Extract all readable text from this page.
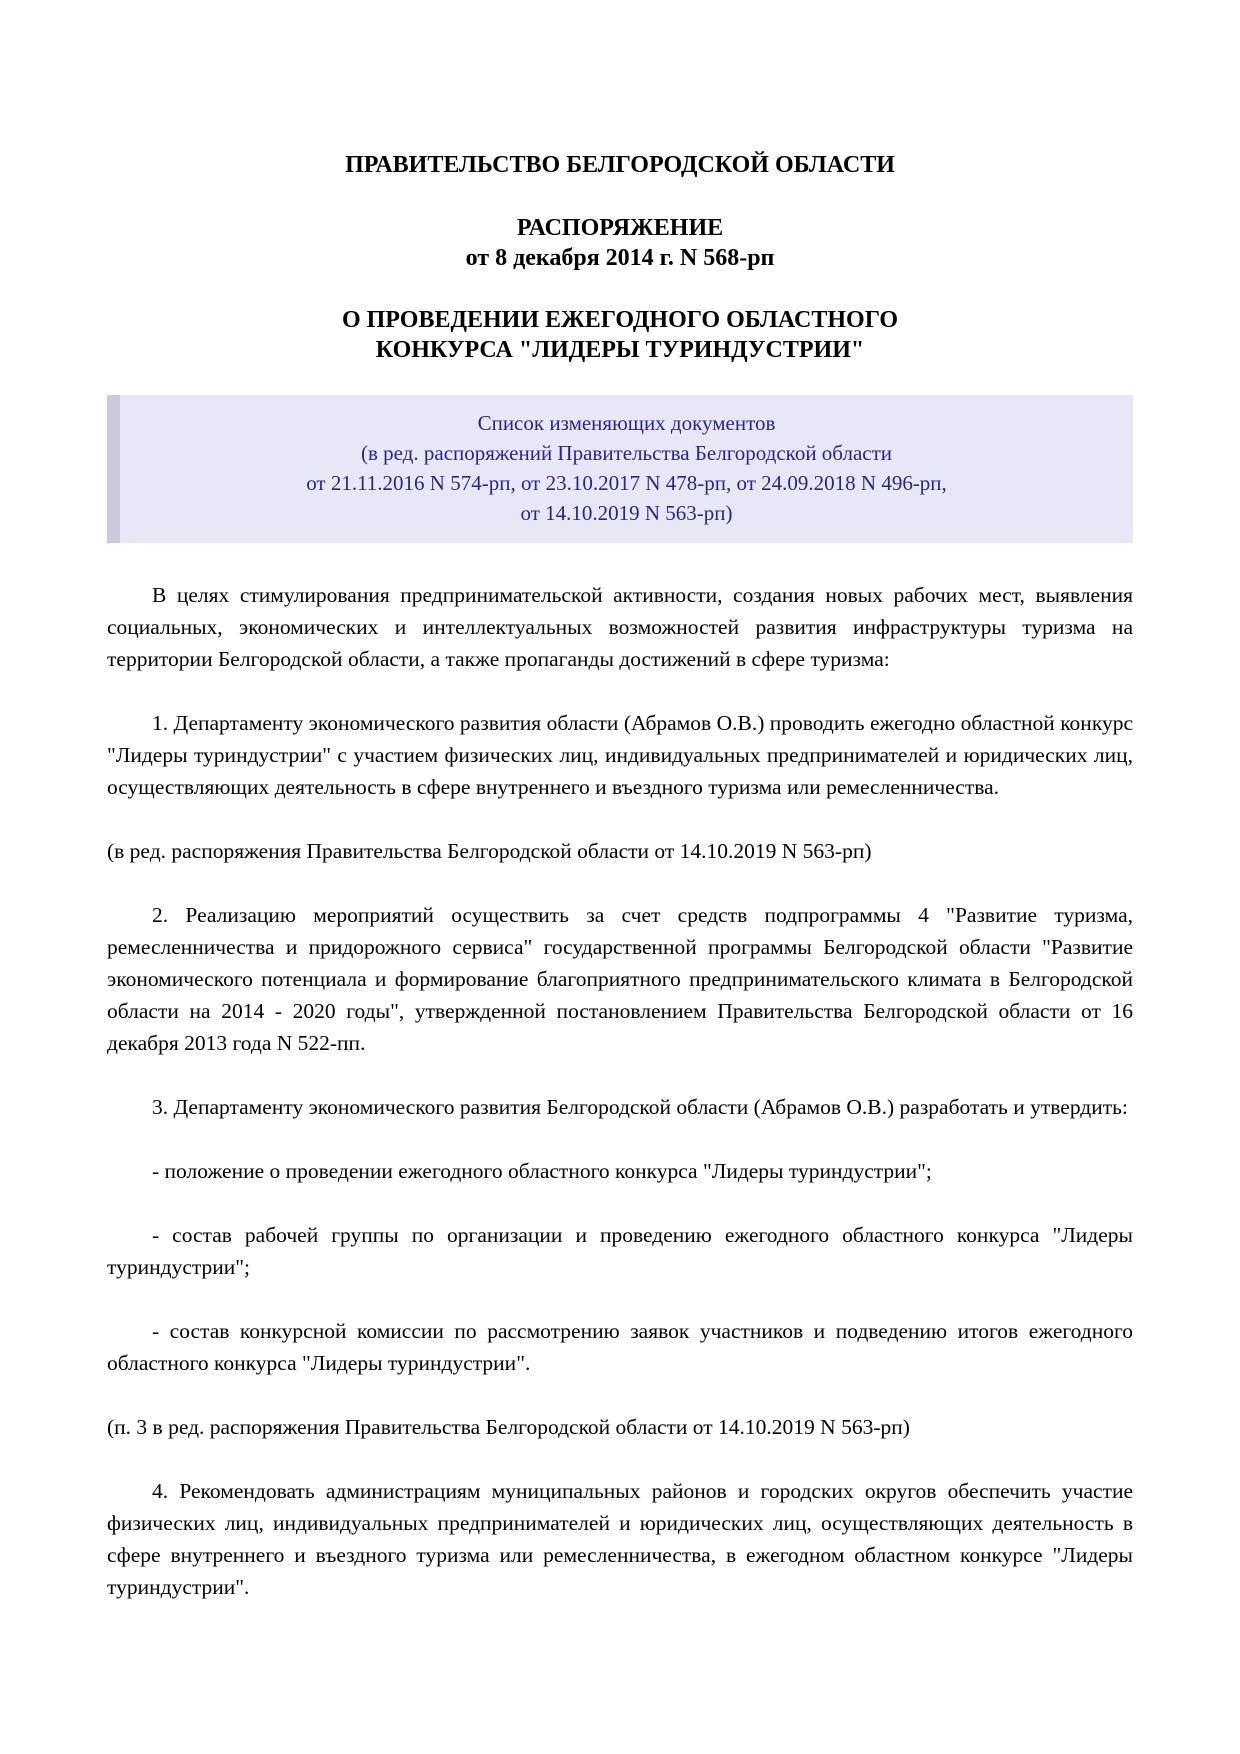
ПРАВИТЕЛЬСТВО БЕЛГОРОДСКОЙ ОБЛАСТИ
РАСПОРЯЖЕНИЕ
от 8 декабря 2014 г. N 568-рп
О ПРОВЕДЕНИИ ЕЖЕГОДНОГО ОБЛАСТНОГО
КОНКУРСА "ЛИДЕРЫ ТУРИНДУСТРИИ"
Список изменяющих документов
(в ред. распоряжений Правительства Белгородской области
от 21.11.2016 N 574-рп, от 23.10.2017 N 478-рп, от 24.09.2018 N 496-рп,
от 14.10.2019 N 563-рп)

В целях стимулирования предпринимательской активности, создания новых рабочих мест, выявления социальных, экономических и интеллектуальных возможностей развития инфраструктуры туризма на территории Белгородской области, а также пропаганды достижений в сфере туризма:

1. Департаменту экономического развития области (Абрамов О.В.) проводить ежегодно областной конкурс "Лидеры туриндустрии" с участием физических лиц, индивидуальных предпринимателей и юридических лиц, осуществляющих деятельность в сфере внутреннего и въездного туризма или ремесленничества.

(в ред. распоряжения Правительства Белгородской области от 14.10.2019 N 563-рп)

2. Реализацию мероприятий осуществить за счет средств подпрограммы 4 "Развитие туризма, ремесленничества и придорожного сервиса" государственной программы Белгородской области "Развитие экономического потенциала и формирование благоприятного предпринимательского климата в Белгородской области на 2014 - 2020 годы", утвержденной постановлением Правительства Белгородской области от 16 декабря 2013 года N 522-пп.

3. Департаменту экономического развития Белгородской области (Абрамов О.В.) разработать и утвердить:

- положение о проведении ежегодного областного конкурса "Лидеры туриндустрии";

- состав рабочей группы по организации и проведению ежегодного областного конкурса "Лидеры туриндустрии";

- состав конкурсной комиссии по рассмотрению заявок участников и подведению итогов ежегодного областного конкурса "Лидеры туриндустрии".

(п. 3 в ред. распоряжения Правительства Белгородской области от 14.10.2019 N 563-рп)

4. Рекомендовать администрациям муниципальных районов и городских округов обеспечить участие физических лиц, индивидуальных предпринимателей и юридических лиц, осуществляющих деятельность в сфере внутреннего и въездного туризма или ремесленничества, в ежегодном областном конкурсе "Лидеры туриндустрии".
